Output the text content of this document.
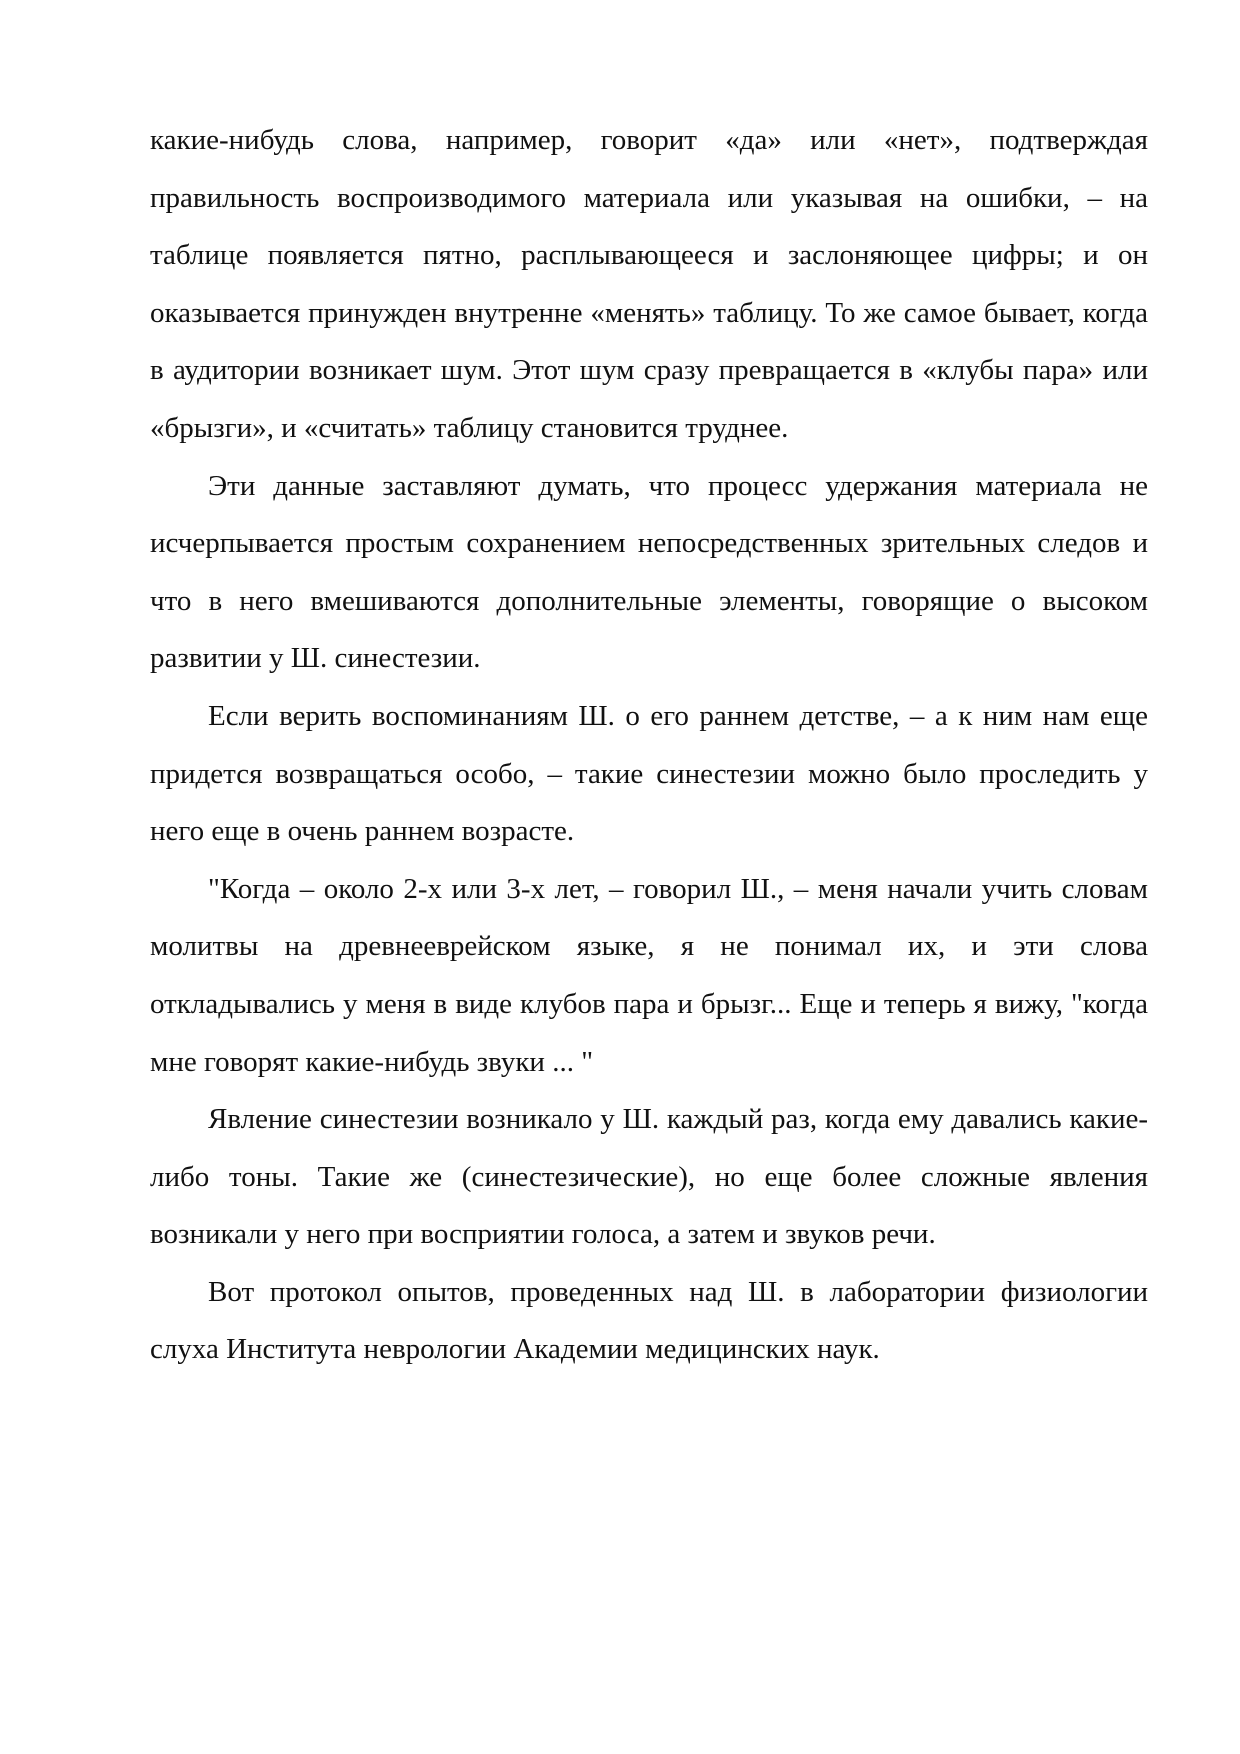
какие-нибудь слова, например, говорит «да» или «нет», подтверждая правильность воспроизводимого материала или указывая на ошибки, – на таблице появляется пятно, расплывающееся и заслоняющее цифры; и он оказывается принужден внутренне «менять» таблицу. То же самое бывает, когда в аудитории возникает шум. Этот шум сразу превращается в «клубы пара» или «брызги», и «считать» таблицу становится труднее.

Эти данные заставляют думать, что процесс удержания материала не исчерпывается простым сохранением непосредственных зрительных следов и что в него вмешиваются дополнительные элементы, говорящие о высоком развитии у Ш. синестезии.

Если верить воспоминаниям Ш. о его раннем детстве, – а к ним нам еще придется возвращаться особо, – такие синестезии можно было проследить у него еще в очень раннем возрасте.

"Когда – около 2-х или 3-х лет, – говорил Ш., – меня начали учить словам молитвы на древнееврейском языке, я не понимал их, и эти слова откладывались у меня в виде клубов пара и брызг... Еще и теперь я вижу, "когда мне говорят какие-нибудь звуки ... "

Явление синестезии возникало у Ш. каждый раз, когда ему давались какие-либо тоны. Такие же (синестезические), но еще более сложные явления возникали у него при восприятии голоса, а затем и звуков речи.

Вот протокол опытов, проведенных над Ш. в лаборатории физиологии слуха Института неврологии Академии медицинских наук.
